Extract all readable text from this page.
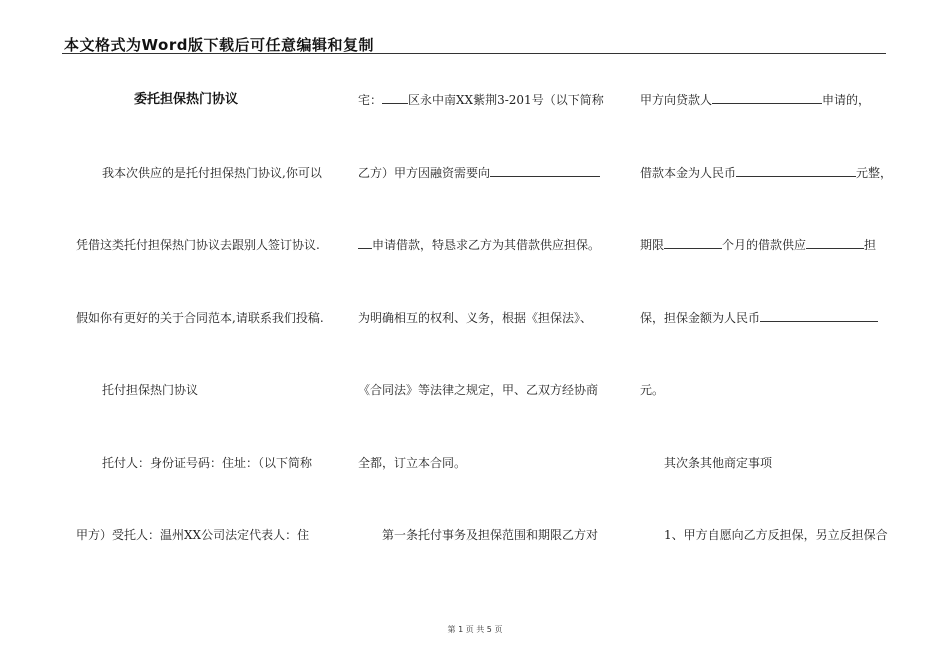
本文格式为Word版下载后可任意编辑和复制
委托担保热门协议
我本次供应的是托付担保热门协议,你可以
凭借这类托付担保热门协议去跟别人签订协议.
假如你有更好的关于合同范本,请联系我们投稿.
托付担保热门协议
托付人：身份证号码：住址：（以下简称
甲方）受托人：温州XX公司法定代表人：住
宅： 区永中南XX紫荆3-201号（以下简称
乙方）甲方因融资需要向
申请借款，特恳求乙方为其借款供应担保。
为明确相互的权利、义务，根据《担保法》、
《合同法》等法律之规定，甲、乙双方经协商
全都，订立本合同。
第一条托付事务及担保范围和期限乙方对
甲方向贷款人	申请的，
借款本金为人民币	元整，
期限	个月的借款供应	担
保，担保金额为人民币
元。
其次条其他商定事项
1、甲方自愿向乙方反担保，另立反担保合
第 1 页 共 5 页
